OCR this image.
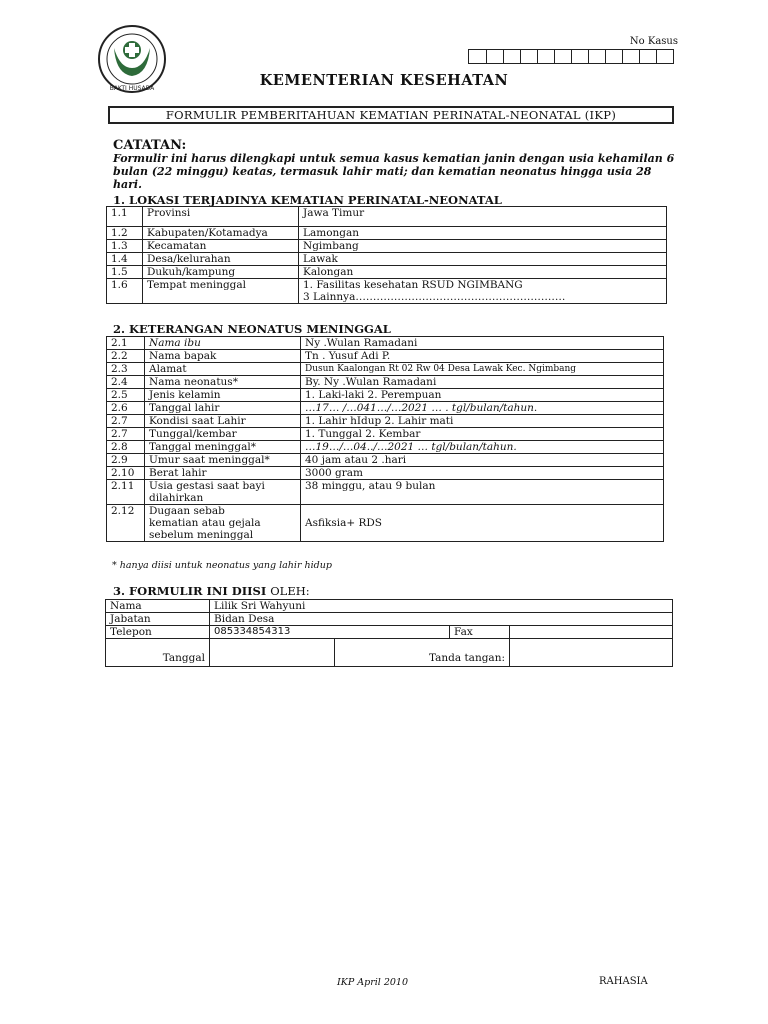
BAKTI HUSADA
No Kasus
KEMENTERIAN KESEHATAN
FORMULIR PEMBERITAHUAN KEMATIAN PERINATAL-NEONATAL (IKP)
CATATAN:
Formulir ini harus dilengkapi untuk semua kasus kematian janin dengan usia kehamilan 6 bulan (22 minggu) keatas, termasuk lahir mati; dan kematian neonatus hingga usia 28 hari.
1. LOKASI TERJADINYA KEMATIAN PERINATAL-NEONATAL
1.1	Provinsi	Jawa Timur
1.2	Kabupaten/Kotamadya	Lamongan
1.3	Kecamatan	Ngimbang
1.4	Desa/kelurahan	Lawak
1.5	Dukuh/kampung	Kalongan
1.6	Tempat meninggal	1. Fasilitas kesehatan RSUD NGIMBANG
3 Lainnya……………………………………………………
2. KETERANGAN NEONATUS MENINGGAL
2.1	Nama ibu	Ny .Wulan Ramadani
2.2	Nama bapak	Tn . Yusuf Adi P.
2.3	Alamat	Dusun Kaalongan Rt 02 Rw 04 Desa Lawak Kec. Ngimbang
2.4	Nama neonatus*	By. Ny .Wulan Ramadani
2.5	Jenis kelamin	1. Laki-laki 2. Perempuan
2.6	Tanggal lahir	…17… /…041…/…2021 … . tgl/bulan/tahun.
2.7	Kondisi saat Lahir	1. Lahir hIdup 2. Lahir mati
2.7	Tunggal/kembar	1. Tunggal 2. Kembar
2.8	Tanggal meninggal*	…19…/…04../…2021 … tgl/bulan/tahun.
2.9	Umur saat meninggal*	40 jam atau 2 .hari
2.10	Berat lahir	3000 gram
2.11	Usia gestasi saat bayi
dilahirkan	38 minggu, atau 9 bulan
2.12	Dugaan sebab
kematian atau gejala
sebelum meninggal	Asfiksia+ RDS
* hanya diisi untuk neonatus yang lahir hidup
3. FORMULIR INI DIISI OLEH:
Nama	Lilik Sri Wahyuni			
Jabatan	Bidan Desa			
Telepon	085334854313		Fax	
Tanggal		Tanda tangan:		
IKP April 2010	RAHASIA
